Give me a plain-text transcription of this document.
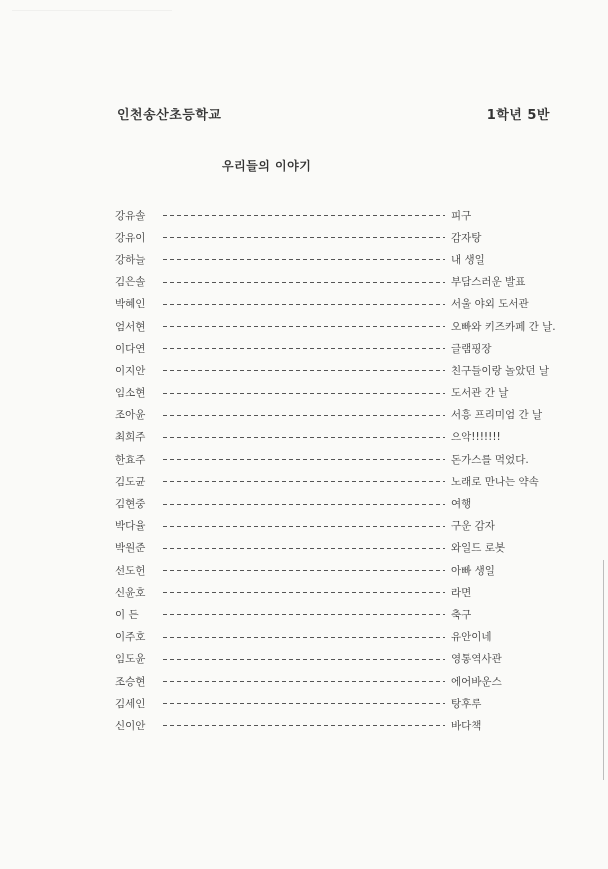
인천송산초등학교	1학년 5반
우리들의 이야기
강유솔	피구
강유이	감자탕
강하늘	내 생일
김은솔	부담스러운 발표
박혜인	서울 야외 도서관
엄서현	오빠와 키즈카페 간 날.
이다연	글램핑장
이지안	친구들이랑 놀았던 날
임소현	도서관 간 날
조아윤	서흥 프리미엄 간 날
최희주	으악!!!!!!!
한효주	돈가스를 먹었다.
김도균	노래로 만나는 약속
김현중	여행
박다율	구운 감자
박원준	와일드 로봇
선도헌	아빠 생일
신윤호	라면
이 든	축구
이주호	유안이네
임도윤	영통역사관
조승현	에어바운스
김세인	탕후루
신이안	바다책
